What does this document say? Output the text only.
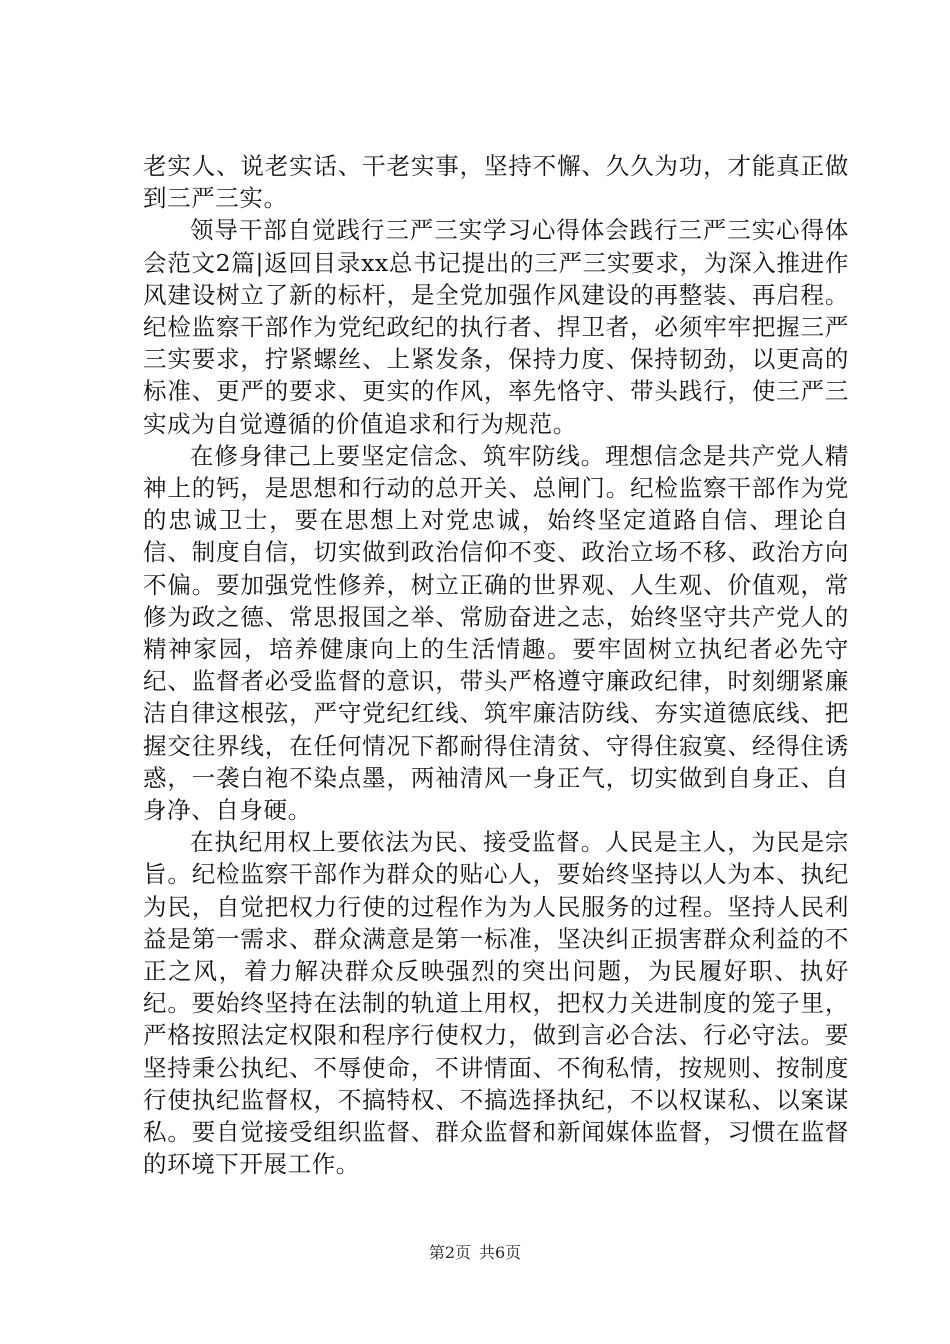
老实人、说老实话、干老实事，坚持不懈、久久为功，才能真正做到三严三实。

领导干部自觉践行三严三实学习心得体会践行三严三实心得体会范文2篇|返回目录xx总书记提出的三严三实要求，为深入推进作风建设树立了新的标杆，是全党加强作风建设的再整装、再启程。纪检监察干部作为党纪政纪的执行者、捍卫者，必须牢牢把握三严三实要求，拧紧螺丝、上紧发条，保持力度、保持韧劲，以更高的标准、更严的要求、更实的作风，率先恪守、带头践行，使三严三实成为自觉遵循的价值追求和行为规范。

在修身律己上要坚定信念、筑牢防线。理想信念是共产党人精神上的钙，是思想和行动的总开关、总闸门。纪检监察干部作为党的忠诚卫士，要在思想上对党忠诚，始终坚定道路自信、理论自信、制度自信，切实做到政治信仰不变、政治立场不移、政治方向不偏。要加强党性修养，树立正确的世界观、人生观、价值观，常修为政之德、常思报国之举、常励奋进之志，始终坚守共产党人的精神家园，培养健康向上的生活情趣。要牢固树立执纪者必先守纪、监督者必受监督的意识，带头严格遵守廉政纪律，时刻绷紧廉洁自律这根弦，严守党纪红线、筑牢廉洁防线、夯实道德底线、把握交往界线，在任何情况下都耐得住清贫、守得住寂寞、经得住诱惑，一袭白袍不染点墨，两袖清风一身正气，切实做到自身正、自身净、自身硬。

在执纪用权上要依法为民、接受监督。人民是主人，为民是宗旨。纪检监察干部作为群众的贴心人，要始终坚持以人为本、执纪为民，自觉把权力行使的过程作为为人民服务的过程。坚持人民利益是第一需求、群众满意是第一标准，坚决纠正损害群众利益的不正之风，着力解决群众反映强烈的突出问题，为民履好职、执好纪。要始终坚持在法制的轨道上用权，把权力关进制度的笼子里，严格按照法定权限和程序行使权力，做到言必合法、行必守法。要坚持秉公执纪、不辱使命，不讲情面、不徇私情，按规则、按制度行使执纪监督权，不搞特权、不搞选择执纪，不以权谋私、以案谋私。要自觉接受组织监督、群众监督和新闻媒体监督，习惯在监督的环境下开展工作。

第2页 共6页
